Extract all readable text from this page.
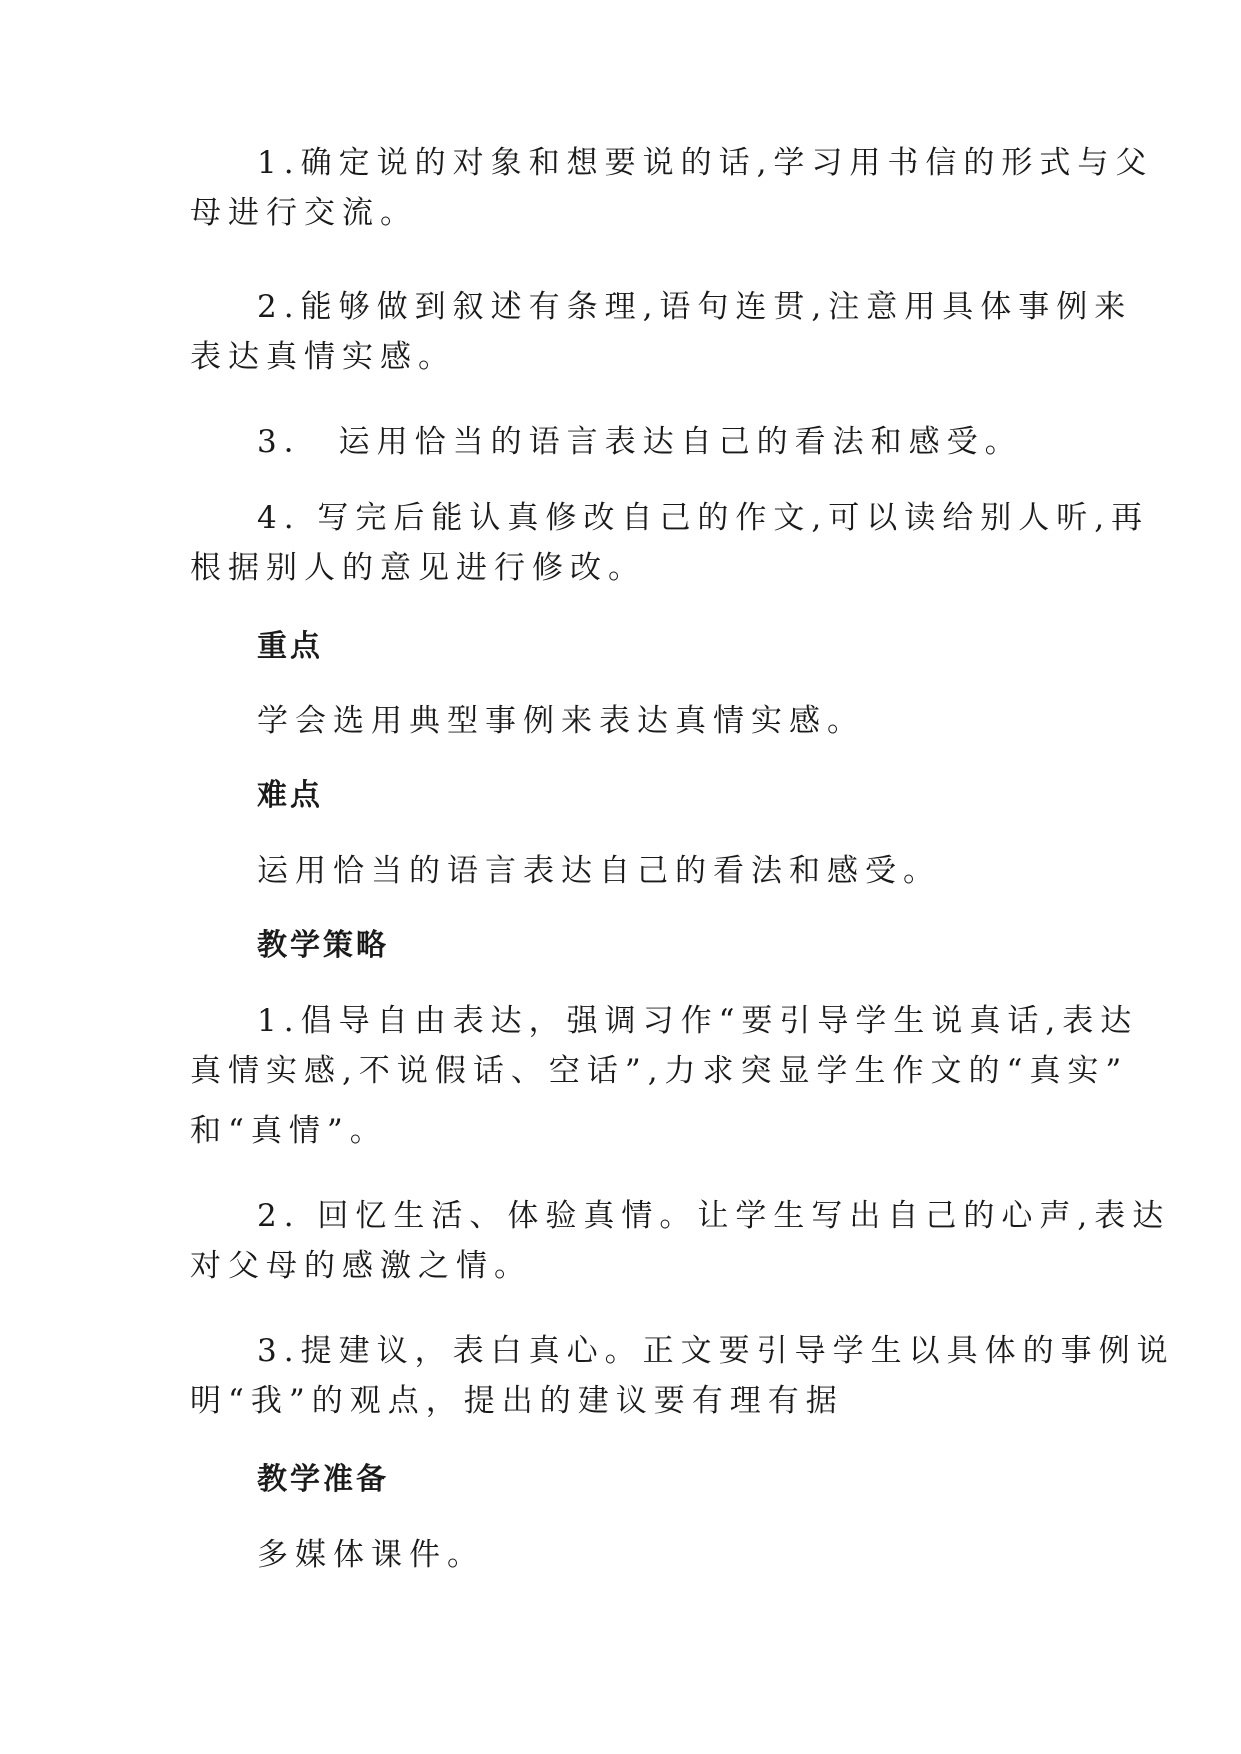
1.确定说的对象和想要说的话,学习用书信的形式与父
母进行交流。
2.能够做到叙述有条理,语句连贯,注意用具体事例来
表达真情实感。
3． 运用恰当的语言表达自己的看法和感受。
4. 写完后能认真修改自己的作文,可以读给别人听,再
根据别人的意见进行修改。
重点
学会选用典型事例来表达真情实感。
难点
运用恰当的语言表达自己的看法和感受。
教学策略
1.倡导自由表达，强调习作“要引导学生说真话,表达
真情实感,不说假话、空话”,力求突显学生作文的“真实”
和“真情”。
2. 回忆生活、体验真情。让学生写出自己的心声,表达
对父母的感激之情。
3.提建议，表白真心。正文要引导学生以具体的事例说
明“我”的观点，提出的建议要有理有据
教学准备
多媒体课件。
